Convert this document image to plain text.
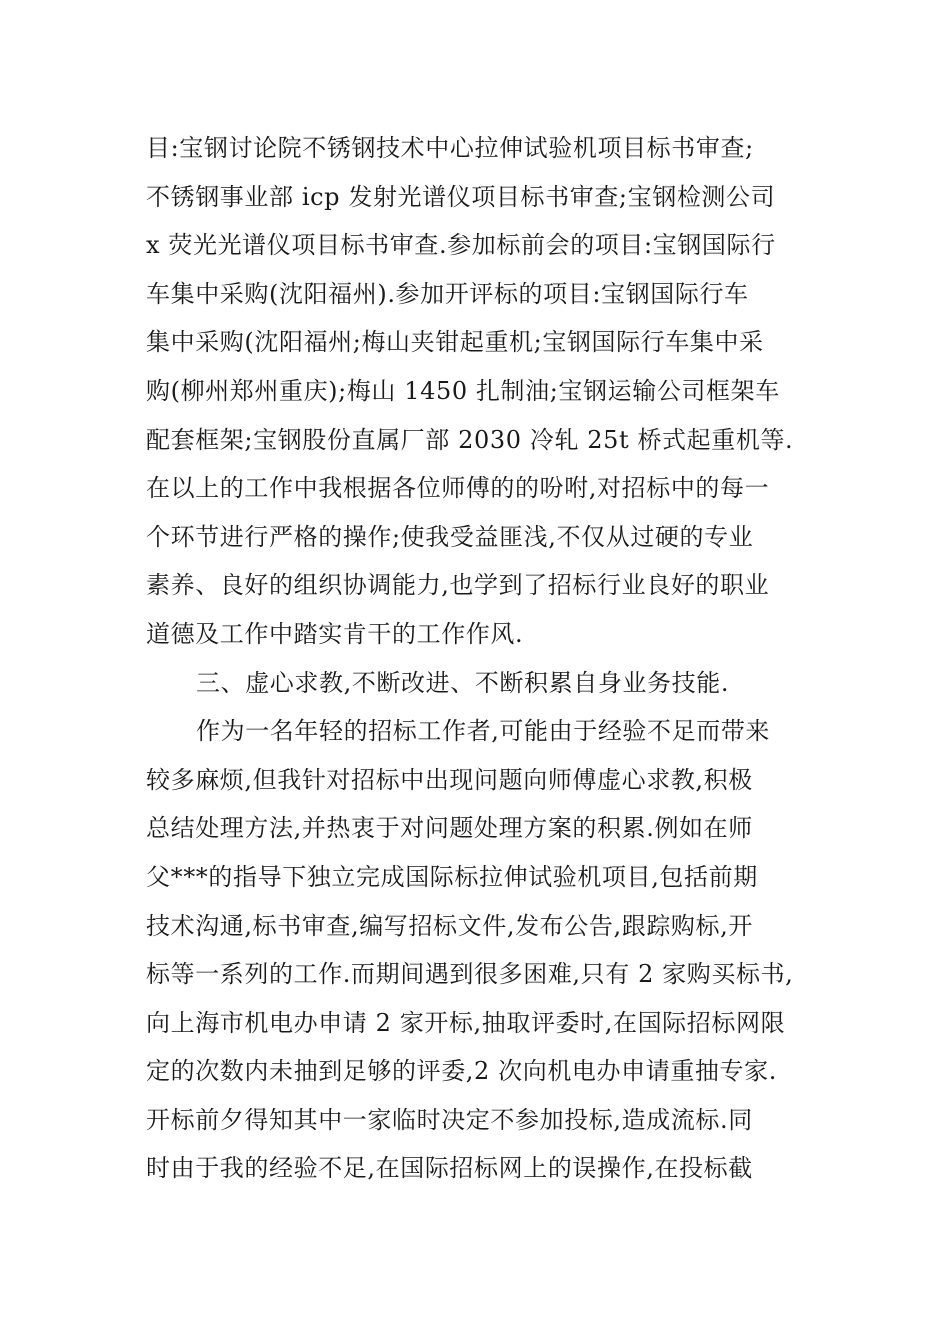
目:宝钢讨论院不锈钢技术中心拉伸试验机项目标书审查;
不锈钢事业部 icp 发射光谱仪项目标书审查;宝钢检测公司
x 荧光光谱仪项目标书审查.参加标前会的项目:宝钢国际行
车集中采购(沈阳福州).参加开评标的项目:宝钢国际行车
集中采购(沈阳福州;梅山夹钳起重机;宝钢国际行车集中采
购(柳州郑州重庆);梅山 1450 扎制油;宝钢运输公司框架车
配套框架;宝钢股份直属厂部 2030 冷轧 25t 桥式起重机等.
在以上的工作中我根据各位师傅的的吩咐,对招标中的每一
个环节进行严格的操作;使我受益匪浅,不仅从过硬的专业
素养、良好的组织协调能力,也学到了招标行业良好的职业
道德及工作中踏实肯干的工作作风.
三、虚心求教,不断改进、不断积累自身业务技能.
作为一名年轻的招标工作者,可能由于经验不足而带来
较多麻烦,但我针对招标中出现问题向师傅虚心求教,积极
总结处理方法,并热衷于对问题处理方案的积累.例如在师
父***的指导下独立完成国际标拉伸试验机项目,包括前期
技术沟通,标书审查,编写招标文件,发布公告,跟踪购标,开
标等一系列的工作.而期间遇到很多困难,只有 2 家购买标书,
向上海市机电办申请 2 家开标,抽取评委时,在国际招标网限
定的次数内未抽到足够的评委,2 次向机电办申请重抽专家.
开标前夕得知其中一家临时决定不参加投标,造成流标.同
时由于我的经验不足,在国际招标网上的误操作,在投标截
